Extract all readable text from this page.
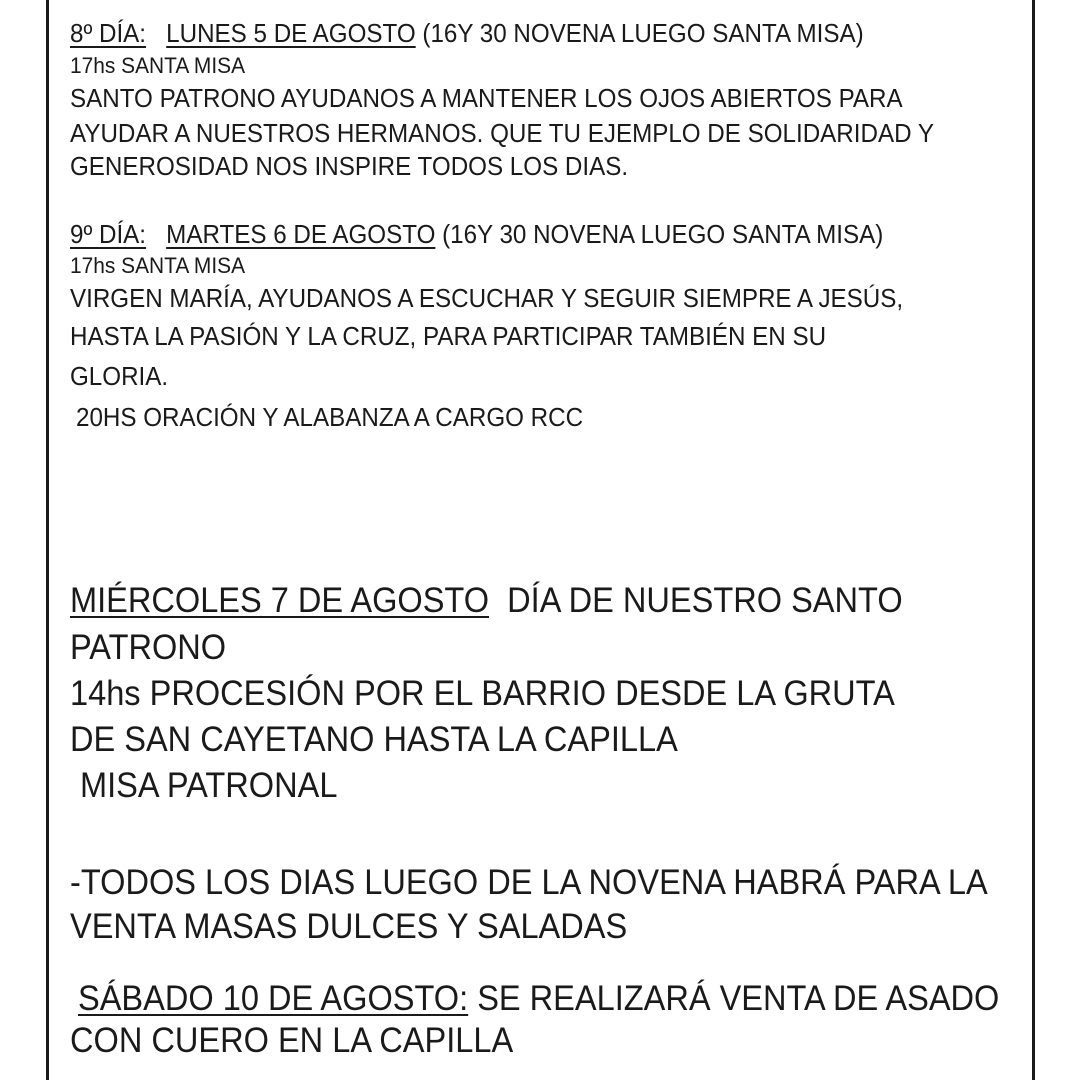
8º DÍA: LUNES 5 DE AGOSTO (16Y 30 NOVENA LUEGO SANTA MISA)
17hs SANTA MISA
SANTO PATRONO AYUDANOS A MANTENER LOS OJOS ABIERTOS PARA
AYUDAR A NUESTROS HERMANOS. QUE TU EJEMPLO DE SOLIDARIDAD Y
GENEROSIDAD NOS INSPIRE TODOS LOS DIAS.
9º DÍA: MARTES 6 DE AGOSTO (16Y 30 NOVENA LUEGO SANTA MISA)
17hs SANTA MISA
VIRGEN MARÍA, AYUDANOS A ESCUCHAR Y SEGUIR SIEMPRE A JESÚS,
HASTA LA PASIÓN Y LA CRUZ, PARA PARTICIPAR TAMBIÉN EN SU
GLORIA.
20HS ORACIÓN Y ALABANZA A CARGO RCC
MIÉRCOLES 7 DE AGOSTO DÍA DE NUESTRO SANTO
PATRONO
14hs PROCESIÓN POR EL BARRIO DESDE LA GRUTA
DE SAN CAYETANO HASTA LA CAPILLA
MISA PATRONAL
-TODOS LOS DIAS LUEGO DE LA NOVENA HABRÁ PARA LA
VENTA MASAS DULCES Y SALADAS
SÁBADO 10 DE AGOSTO: SE REALIZARÁ VENTA DE ASADO
CON CUERO EN LA CAPILLA
